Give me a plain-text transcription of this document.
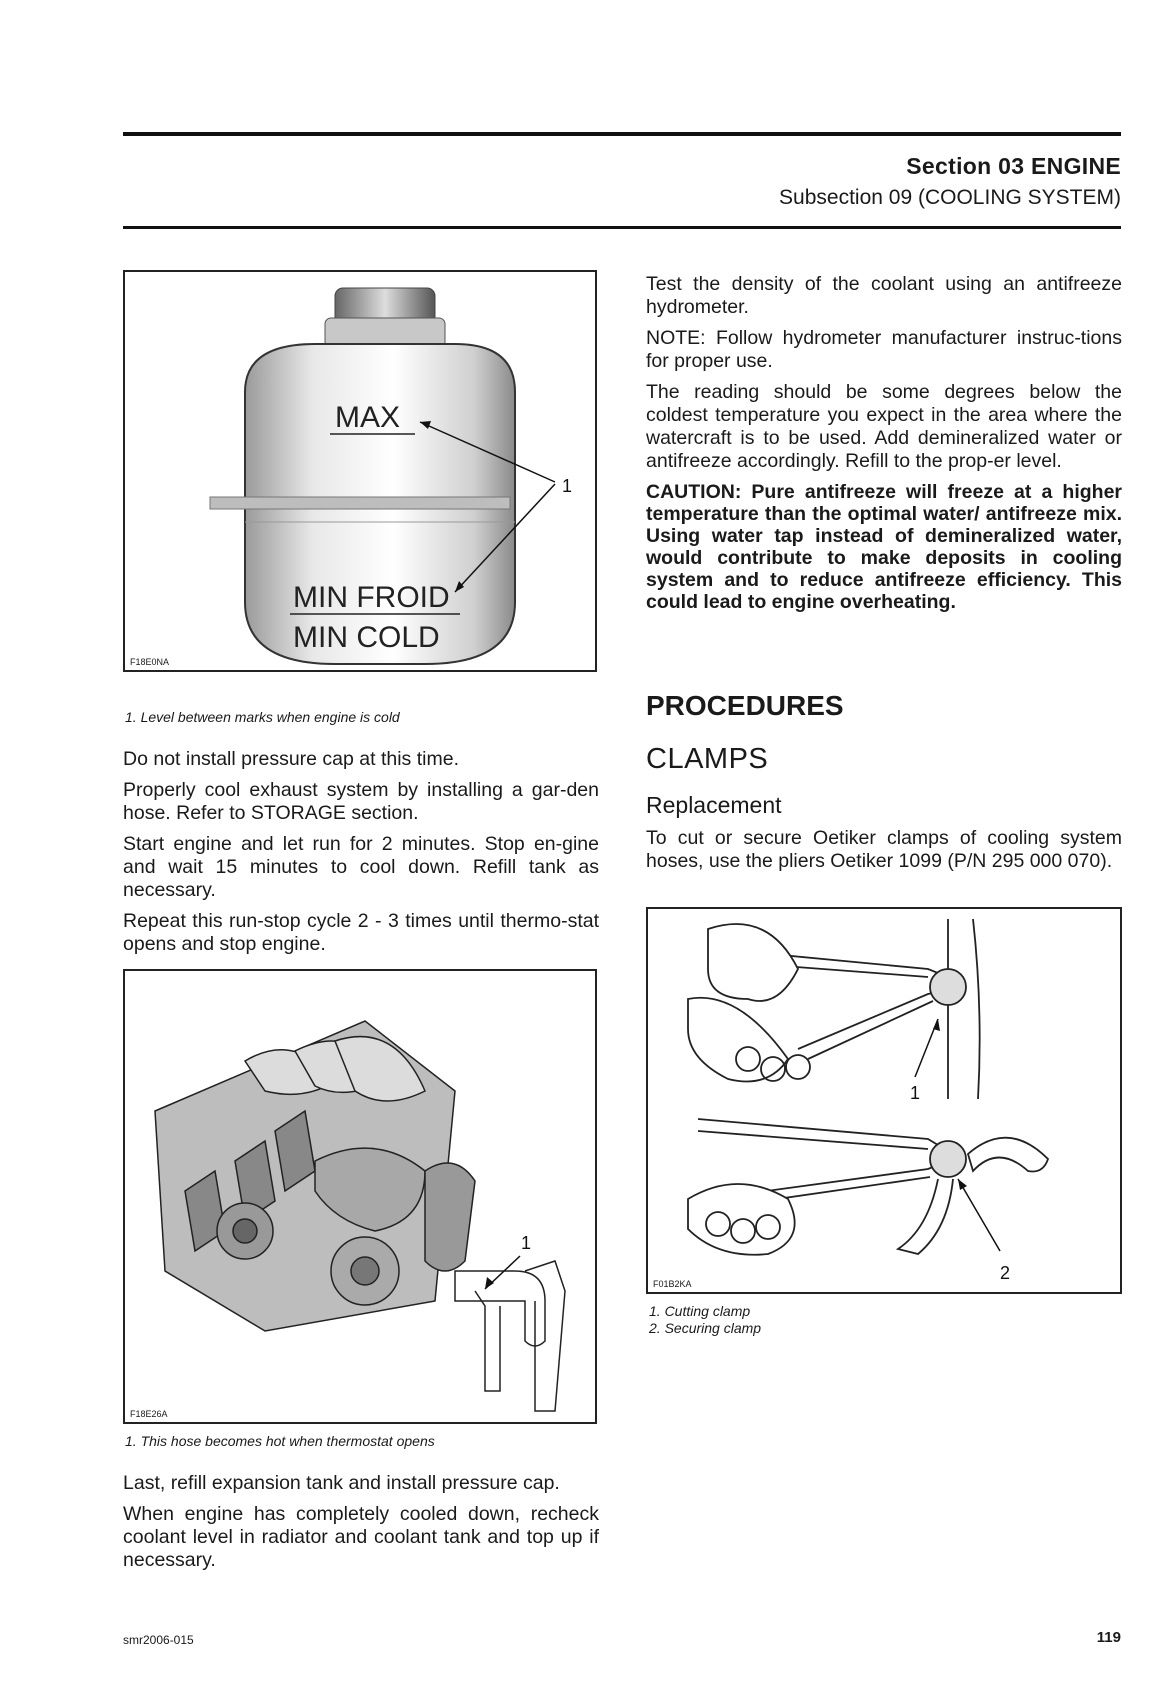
Section 03 ENGINE
Subsection 09 (COOLING SYSTEM)
MAX
MIN FROID
MIN COLD
1
F18E0NA
1. Level between marks when engine is cold

Do not install pressure cap at this time.

Properly cool exhaust system by installing a gar-den hose. Refer to STORAGE section.

Start engine and let run for 2 minutes. Stop en-gine and wait 15 minutes to cool down. Refill tank as necessary.

Repeat this run-stop cycle 2 - 3 times until thermo-stat opens and stop engine.

1
F18E26A
1. This hose becomes hot when thermostat opens

Last, refill expansion tank and install pressure cap.

When engine has completely cooled down, recheck coolant level in radiator and coolant tank and top up if necessary.

Test the density of the coolant using an antifreeze hydrometer.

NOTE: Follow hydrometer manufacturer instruc-tions for proper use.

The reading should be some degrees below the coldest temperature you expect in the area where the watercraft is to be used. Add demineralized water or antifreeze accordingly. Refill to the prop-er level.

CAUTION: Pure antifreeze will freeze at a higher temperature than the optimal water/ antifreeze mix. Using water tap instead of demineralized water, would contribute to make deposits in cooling system and to reduce antifreeze efficiency. This could lead to engine overheating.

PROCEDURES
CLAMPS
Replacement

To cut or secure Oetiker clamps of cooling system hoses, use the pliers Oetiker 1099 (P/N 295 000 070).

1
2
F01B2KA
1. Cutting clamp
2. Securing clamp
smr2006-015	119
